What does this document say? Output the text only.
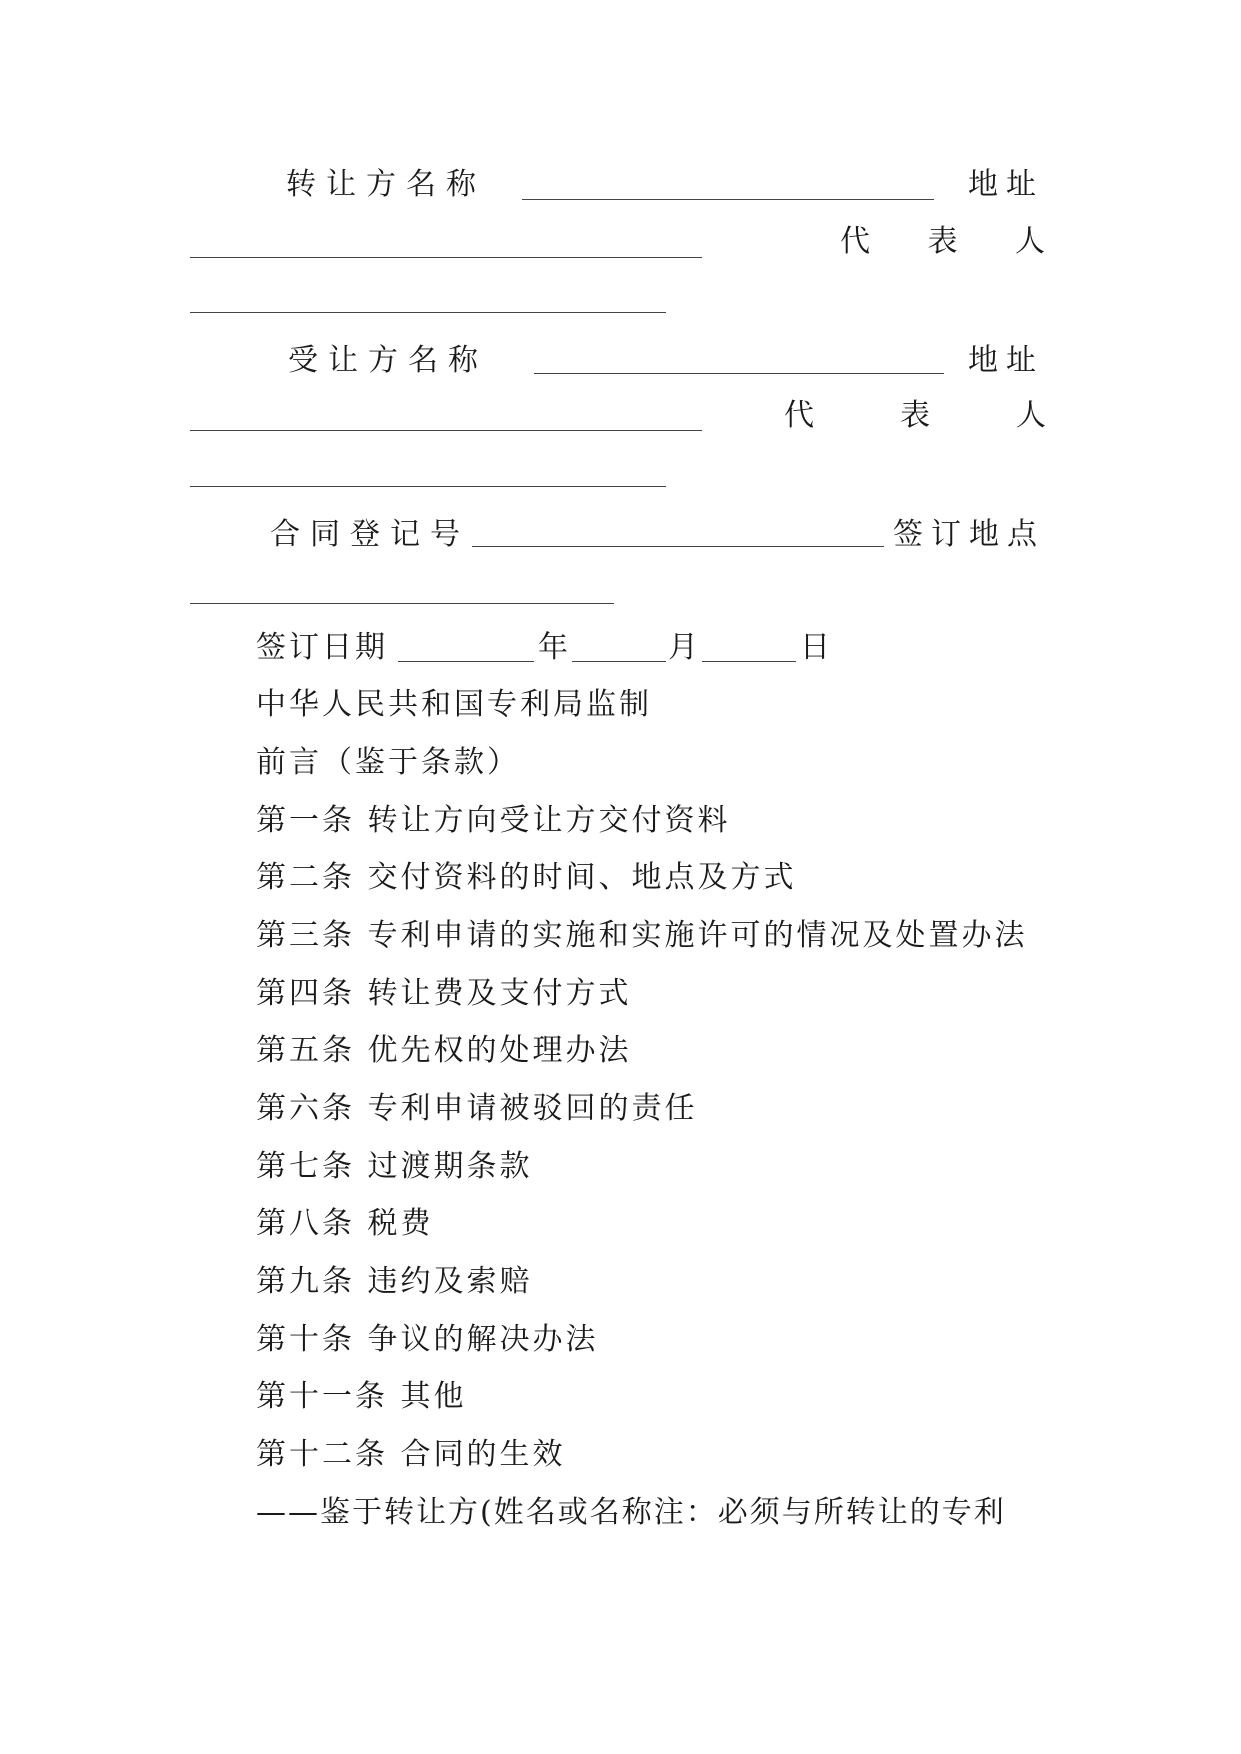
转让方名称	地址
代 表 人
受让方名称	地址
代	表	人
合同登记号	签订地点
签订日期	年	月	日
中华人民共和国专利局监制
前言（鉴于条款）
第一条 转让方向受让方交付资料
第二条 交付资料的时间、地点及方式
第三条 专利申请的实施和实施许可的情况及处置办法
第四条 转让费及支付方式
第五条 优先权的处理办法
第六条 专利申请被驳回的责任
第七条 过渡期条款
第八条 税费
第九条 违约及索赔
第十条 争议的解决办法
第十一条 其他
第十二条 合同的生效
——鉴于转让方(姓名或名称注：必须与所转让的专利
